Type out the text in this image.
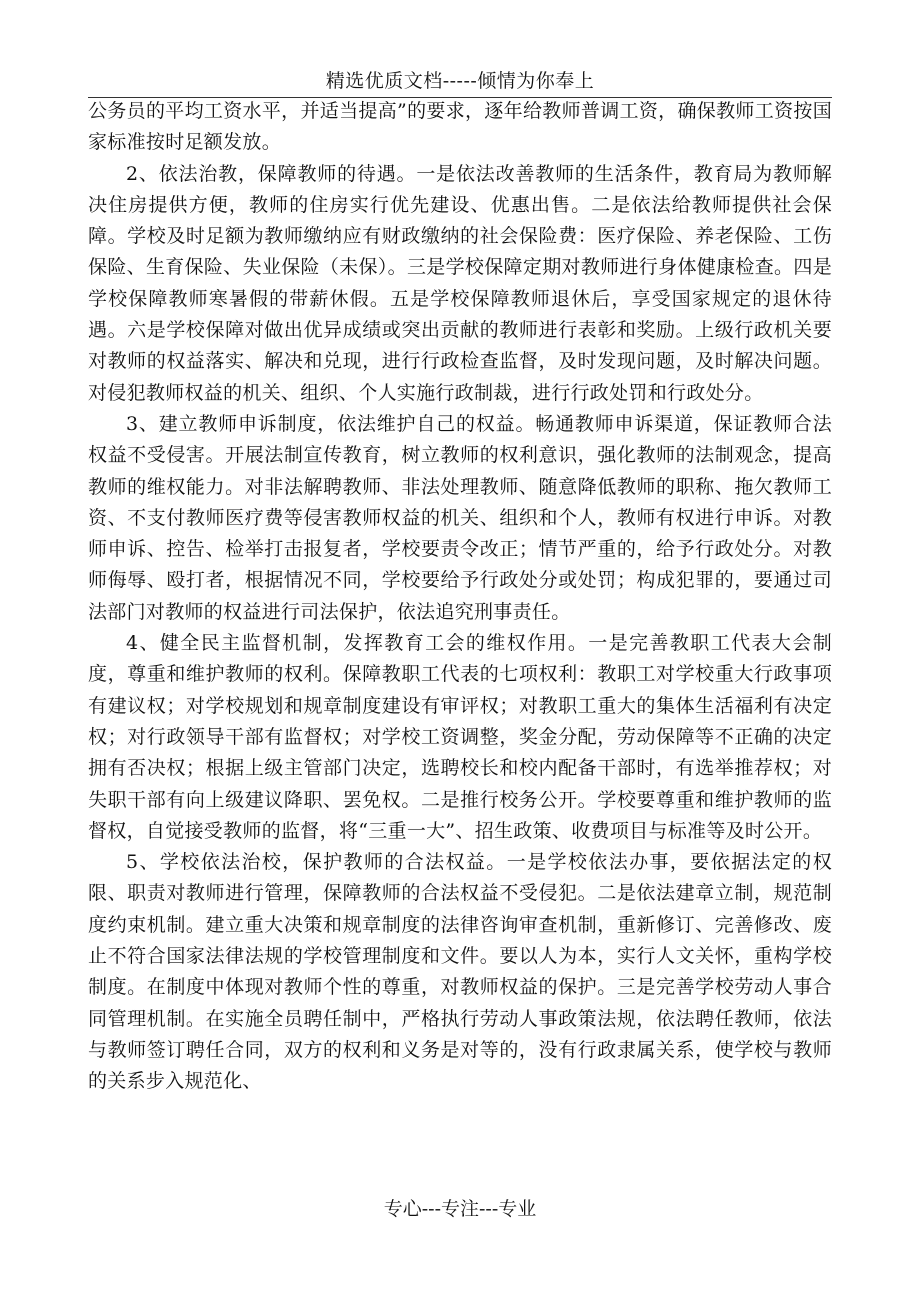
精选优质文档-----倾情为你奉上

公务员的平均工资水平，并适当提高”的要求，逐年给教师普调工资，确保教师工资按国家标准按时足额发放。

2、依法治教，保障教师的待遇。一是依法改善教师的生活条件，教育局为教师解决住房提供方便，教师的住房实行优先建设、优惠出售。二是依法给教师提供社会保障。学校及时足额为教师缴纳应有财政缴纳的社会保险费：医疗保险、养老保险、工伤保险、生育保险、失业保险（未保）。三是学校保障定期对教师进行身体健康检查。四是学校保障教师寒暑假的带薪休假。五是学校保障教师退休后，享受国家规定的退休待遇。六是学校保障对做出优异成绩或突出贡献的教师进行表彰和奖励。上级行政机关要对教师的权益落实、解决和兑现，进行行政检查监督，及时发现问题，及时解决问题。对侵犯教师权益的机关、组织、个人实施行政制裁，进行行政处罚和行政处分。

3、建立教师申诉制度，依法维护自己的权益。畅通教师申诉渠道，保证教师合法权益不受侵害。开展法制宣传教育，树立教师的权利意识，强化教师的法制观念，提高教师的维权能力。对非法解聘教师、非法处理教师、随意降低教师的职称、拖欠教师工资、不支付教师医疗费等侵害教师权益的机关、组织和个人，教师有权进行申诉。对教师申诉、控告、检举打击报复者，学校要责令改正；情节严重的，给予行政处分。对教师侮辱、殴打者，根据情况不同，学校要给予行政处分或处罚；构成犯罪的，要通过司法部门对教师的权益进行司法保护，依法追究刑事责任。

4、健全民主监督机制，发挥教育工会的维权作用。一是完善教职工代表大会制度，尊重和维护教师的权利。保障教职工代表的七项权利：教职工对学校重大行政事项有建议权；对学校规划和规章制度建设有审评权；对教职工重大的集体生活福利有决定权；对行政领导干部有监督权；对学校工资调整，奖金分配，劳动保障等不正确的决定拥有否决权；根据上级主管部门决定，选聘校长和校内配备干部时，有选举推荐权；对失职干部有向上级建议降职、罢免权。二是推行校务公开。学校要尊重和维护教师的监督权，自觉接受教师的监督，将“三重一大”、招生政策、收费项目与标准等及时公开。

5、学校依法治校，保护教师的合法权益。一是学校依法办事，要依据法定的权限、职责对教师进行管理，保障教师的合法权益不受侵犯。二是依法建章立制，规范制度约束机制。建立重大决策和规章制度的法律咨询审查机制，重新修订、完善修改、废止不符合国家法律法规的学校管理制度和文件。要以人为本，实行人文关怀，重构学校制度。在制度中体现对教师个性的尊重，对教师权益的保护。三是完善学校劳动人事合同管理机制。在实施全员聘任制中，严格执行劳动人事政策法规，依法聘任教师，依法与教师签订聘任合同，双方的权利和义务是对等的，没有行政隶属关系，使学校与教师的关系步入规范化、

专心---专注---专业
